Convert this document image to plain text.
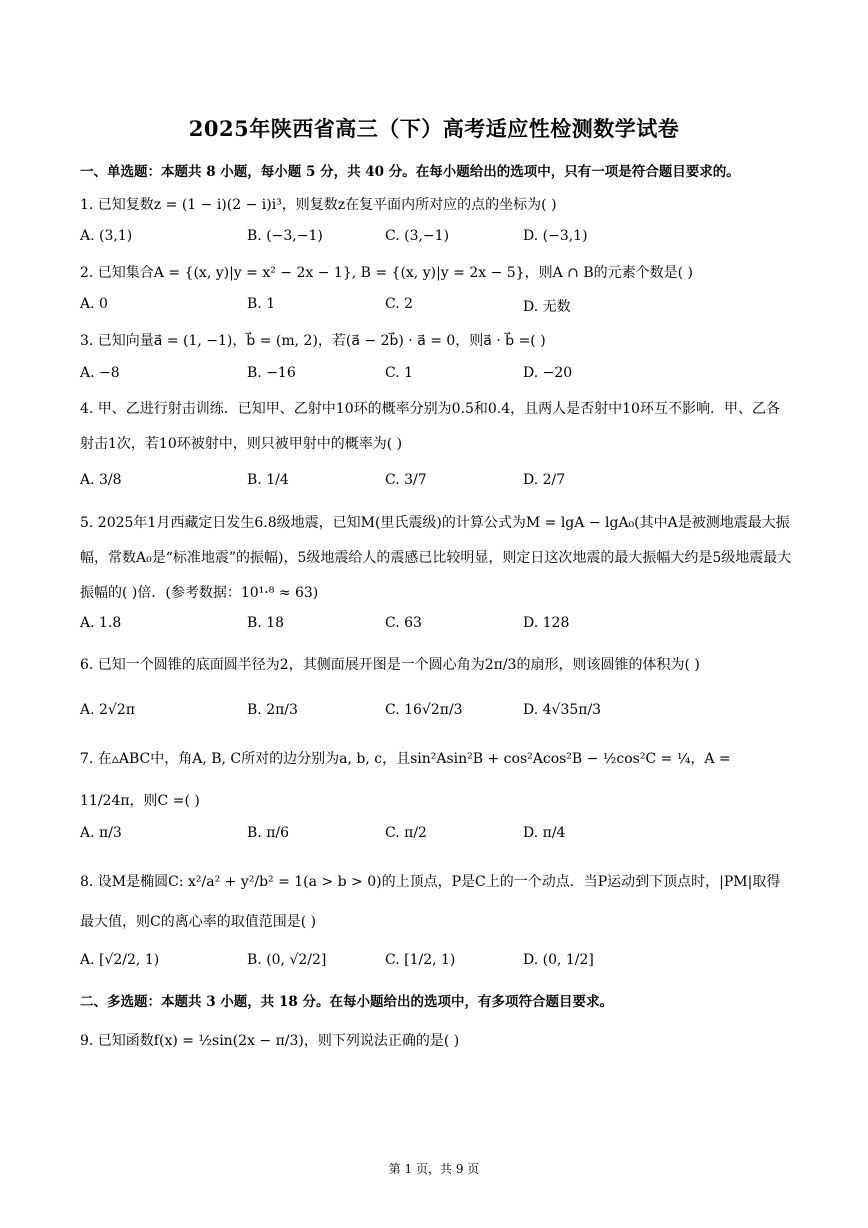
2025年陕西省高三（下）高考适应性检测数学试卷
一、单选题：本题共 8 小题，每小题 5 分，共 40 分。在每小题给出的选项中，只有一项是符合题目要求的。
1. 已知复数z = (1 − i)(2 − i)i³，则复数z在复平面内所对应的点的坐标为( )
A. (3,1)	B. (−3,−1)	C. (3,−1)	D. (−3,1)
2. 已知集合A = {(x, y)|y = x² − 2x − 1}, B = {(x, y)|y = 2x − 5}，则A ∩ B的元素个数是( )
A. 0	B. 1	C. 2	D. 无数
3. 已知向量a⃗ = (1, −1)，b⃗ = (m, 2)，若(a⃗ − 2b⃗) · a⃗ = 0，则a⃗ · b⃗ =( )
A. −8	B. −16	C. 1	D. −20
4. 甲、乙进行射击训练．已知甲、乙射中10环的概率分别为0.5和0.4，且两人是否射中10环互不影响．甲、乙各射击1次，若10环被射中，则只被甲射中的概率为( )
A. 3/8	B. 1/4	C. 3/7	D. 2/7
5. 2025年1月西藏定日发生6.8级地震，已知M(里氏震级)的计算公式为M = lgA − lgA₀(其中A是被测地震最大振幅，常数A₀是“标准地震”的振幅)，5级地震给人的震感已比较明显，则定日这次地震的最大振幅大约是5级地震最大振幅的( )倍．(参考数据：10¹·⁸ ≈ 63)
A. 1.8	B. 18	C. 63	D. 128
6. 已知一个圆锥的底面圆半径为2，其侧面展开图是一个圆心角为2π/3的扇形，则该圆锥的体积为( )
A. 2√2π	B. 2π/3	C. 16√2π/3	D. 4√35π/3
7. 在▵ABC中，角A, B, C所对的边分别为a, b, c，且sin²Asin²B + cos²Acos²B − ½cos²C = ¼，A = 11/24π，则C =( )
A. π/3	B. π/6	C. π/2	D. π/4
8. 设M是椭圆C: x²/a² + y²/b² = 1(a > b > 0)的上顶点，P是C上的一个动点．当P运动到下顶点时，|PM|取得最大值，则C的离心率的取值范围是( )
A. [√2/2, 1)	B. (0, √2/2]	C. [1/2, 1)	D. (0, 1/2]
二、多选题：本题共 3 小题，共 18 分。在每小题给出的选项中，有多项符合题目要求。
9. 已知函数f(x) = ½sin(2x − π/3)，则下列说法正确的是( )
第 1 页，共 9 页
